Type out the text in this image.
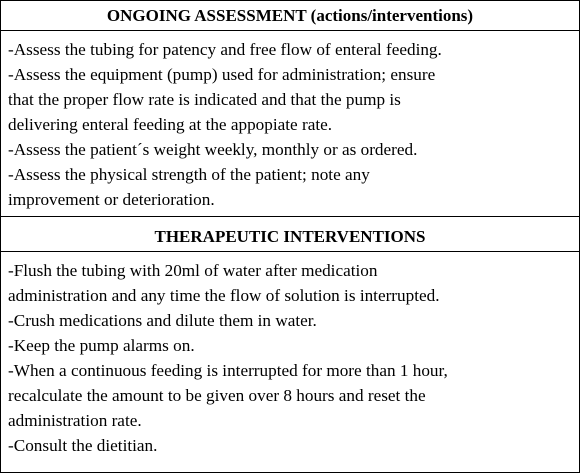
ONGOING ASSESSMENT (actions/interventions)
-Assess the tubing for patency and free flow of enteral feeding.
-Assess the equipment (pump) used for administration; ensure
that the proper flow rate is indicated and that the pump is
delivering enteral feeding at the appopiate rate.
-Assess the patient´s weight weekly, monthly or as ordered.
-Assess the physical strength of the patient; note any
improvement or deterioration.
THERAPEUTIC INTERVENTIONS
-Flush the tubing with 20ml of water after medication
administration and any time the flow of solution is interrupted.
-Crush medications and dilute them in water.
-Keep the pump alarms on.
-When a continuous feeding is interrupted for more than 1 hour,
recalculate the amount to be given over 8 hours and reset the
administration rate.
-Consult the dietitian.
